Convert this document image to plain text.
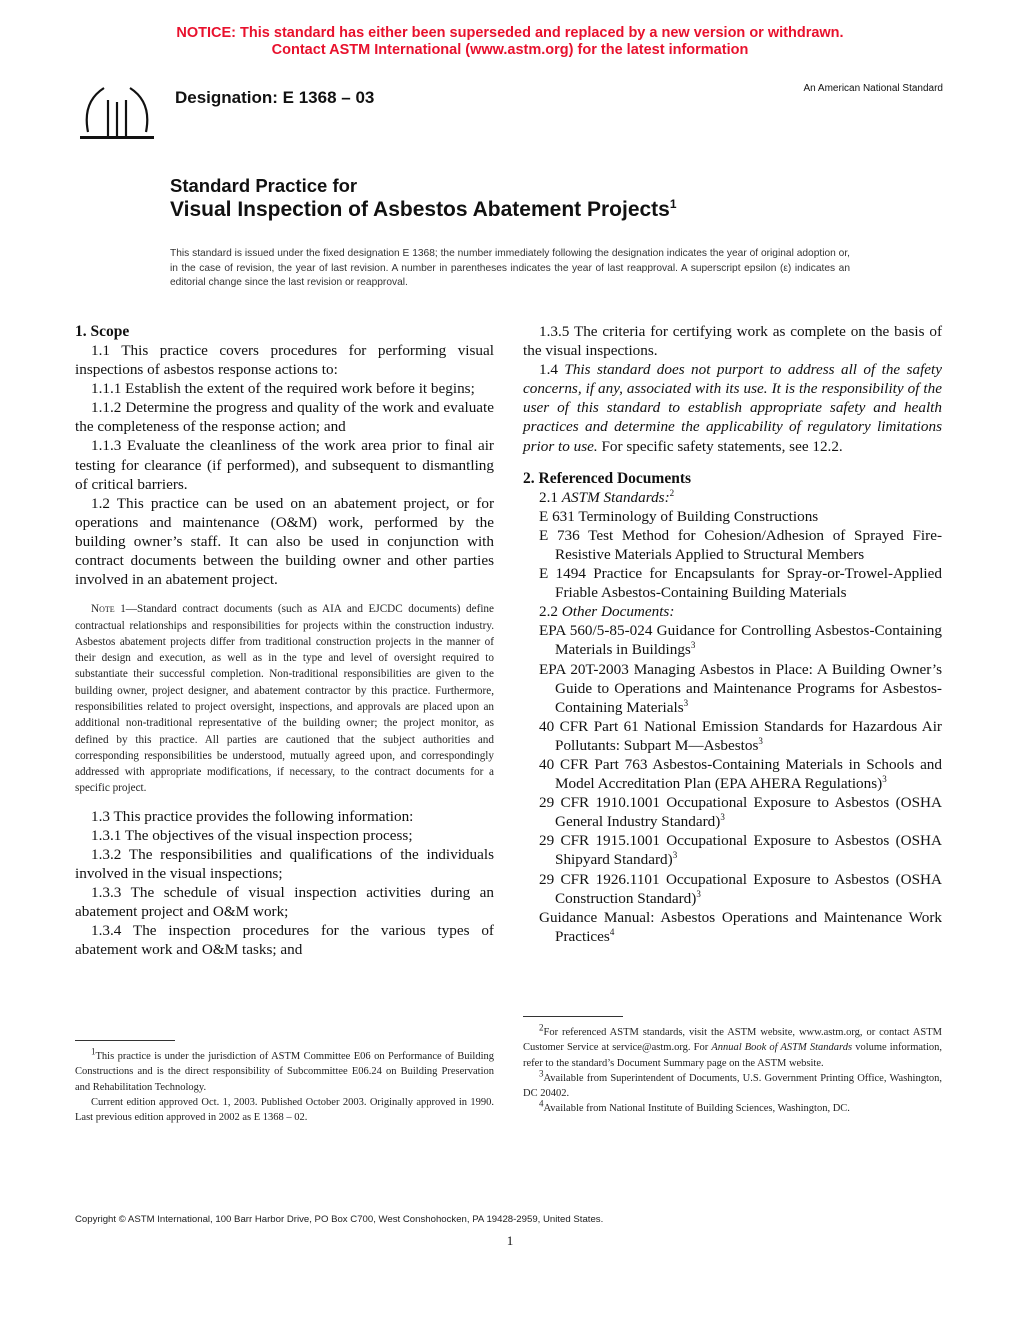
NOTICE: This standard has either been superseded and replaced by a new version or withdrawn.
Contact ASTM International (www.astm.org) for the latest information
Designation: E 1368 – 03	An American National Standard
Standard Practice for
Visual Inspection of Asbestos Abatement Projects$^1$
This standard is issued under the fixed designation E 1368; the number immediately following the designation indicates the year of original adoption or, in the case of revision, the year of last revision. A number in parentheses indicates the year of last reapproval. A superscript epsilon (ε) indicates an editorial change since the last revision or reapproval.
1. Scope

1.1 This practice covers procedures for performing visual inspections of asbestos response actions to:

1.1.1 Establish the extent of the required work before it begins;

1.1.2 Determine the progress and quality of the work and evaluate the completeness of the response action; and

1.1.3 Evaluate the cleanliness of the work area prior to final air testing for clearance (if performed), and subsequent to dismantling of critical barriers.

1.2 This practice can be used on an abatement project, or for operations and maintenance (O&M) work, performed by the building owner’s staff. It can also be used in conjunction with contract documents between the building owner and other parties involved in an abatement project.

Note 1—Standard contract documents (such as AIA and EJCDC documents) define contractual relationships and responsibilities for projects within the construction industry. Asbestos abatement projects differ from traditional construction projects in the manner of their design and execution, as well as in the type and level of oversight required to substantiate their successful completion. Non-traditional responsibilities are given to the building owner, project designer, and abatement contractor by this practice. Furthermore, responsibilities related to project oversight, inspections, and approvals are placed upon an additional non-traditional representative of the building owner; the project monitor, as defined by this practice. All parties are cautioned that the subject authorities and corresponding responsibilities be understood, mutually agreed upon, and correspondingly addressed with appropriate modifications, if necessary, to the contract documents for a specific project.

1.3 This practice provides the following information:

1.3.1 The objectives of the visual inspection process;

1.3.2 The responsibilities and qualifications of the individuals involved in the visual inspections;

1.3.3 The schedule of visual inspection activities during an abatement project and O&M work;

1.3.4 The inspection procedures for the various types of abatement work and O&M tasks; and

1.3.5 The criteria for certifying work as complete on the basis of the visual inspections.

1.4 This standard does not purport to address all of the safety concerns, if any, associated with its use. It is the responsibility of the user of this standard to establish appropriate safety and health practices and determine the applicability of regulatory limitations prior to use. For specific safety statements, see 12.2.

2. Referenced Documents

2.1 ASTM Standards:$^2$

E 631 Terminology of Building Constructions

E 736 Test Method for Cohesion/Adhesion of Sprayed Fire-Resistive Materials Applied to Structural Members

E 1494 Practice for Encapsulants for Spray-or-Trowel-Applied Friable Asbestos-Containing Building Materials

2.2 Other Documents:

EPA 560/5-85-024 Guidance for Controlling Asbestos-Containing Materials in Buildings$^3$

EPA 20T-2003 Managing Asbestos in Place: A Building Owner’s Guide to Operations and Maintenance Programs for Asbestos-Containing Materials$^3$

40 CFR Part 61 National Emission Standards for Hazardous Air Pollutants: Subpart M—Asbestos$^3$

40 CFR Part 763 Asbestos-Containing Materials in Schools and Model Accreditation Plan (EPA AHERA Regulations)$^3$

29 CFR 1910.1001 Occupational Exposure to Asbestos (OSHA General Industry Standard)$^3$

29 CFR 1915.1001 Occupational Exposure to Asbestos (OSHA Shipyard Standard)$^3$

29 CFR 1926.1101 Occupational Exposure to Asbestos (OSHA Construction Standard)$^3$

Guidance Manual: Asbestos Operations and Maintenance Work Practices$^4$

$^1$This practice is under the jurisdiction of ASTM Committee E06 on Performance of Building Constructions and is the direct responsibility of Subcommittee E06.24 on Building Preservation and Rehabilitation Technology.

Current edition approved Oct. 1, 2003. Published October 2003. Originally approved in 1990. Last previous edition approved in 2002 as E 1368 – 02.

$^2$For referenced ASTM standards, visit the ASTM website, www.astm.org, or contact ASTM Customer Service at service@astm.org. For Annual Book of ASTM Standards volume information, refer to the standard’s Document Summary page on the ASTM website.

$^3$Available from Superintendent of Documents, U.S. Government Printing Office, Washington, DC 20402.

$^4$Available from National Institute of Building Sciences, Washington, DC.

Copyright © ASTM International, 100 Barr Harbor Drive, PO Box C700, West Conshohocken, PA 19428-2959, United States.
1
